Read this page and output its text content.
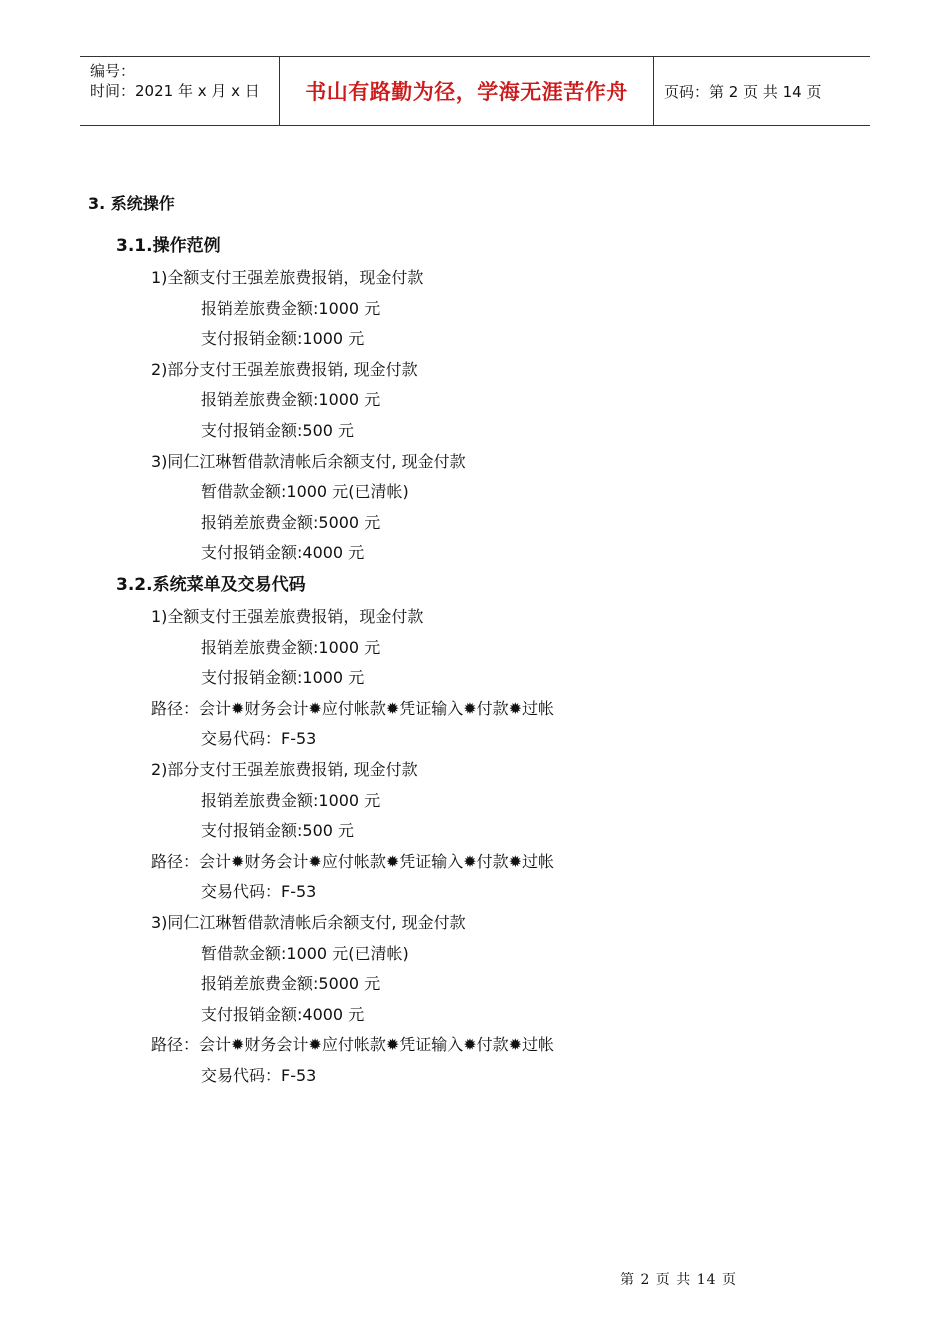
编号：
时间：2021 年 x 月 x 日	书山有路勤为径，学海无涯苦作舟 页码：第 2 页 共 14 页
3. 系统操作
3.1.操作范例
1)全额支付王强差旅费报销，现金付款
报销差旅费金额:1000 元
支付报销金额:1000 元
2)部分支付王强差旅费报销, 现金付款
报销差旅费金额:1000 元
支付报销金额:500 元
3)同仁江琳暂借款清帐后余额支付, 现金付款
暂借款金额:1000 元(已清帐)
报销差旅费金额:5000 元
支付报销金额:4000 元
3.2.系统菜单及交易代码
1)全额支付王强差旅费报销，现金付款
报销差旅费金额:1000 元
支付报销金额:1000 元
路径：会计✹财务会计✹应付帐款✹凭证输入✹付款✹过帐
交易代码：F-53
2)部分支付王强差旅费报销, 现金付款
报销差旅费金额:1000 元
支付报销金额:500 元
路径：会计✹财务会计✹应付帐款✹凭证输入✹付款✹过帐
交易代码：F-53
3)同仁江琳暂借款清帐后余额支付, 现金付款
暂借款金额:1000 元(已清帐)
报销差旅费金额:5000 元
支付报销金额:4000 元
路径：会计✹财务会计✹应付帐款✹凭证输入✹付款✹过帐
交易代码：F-53
第 2 页 共 14 页
